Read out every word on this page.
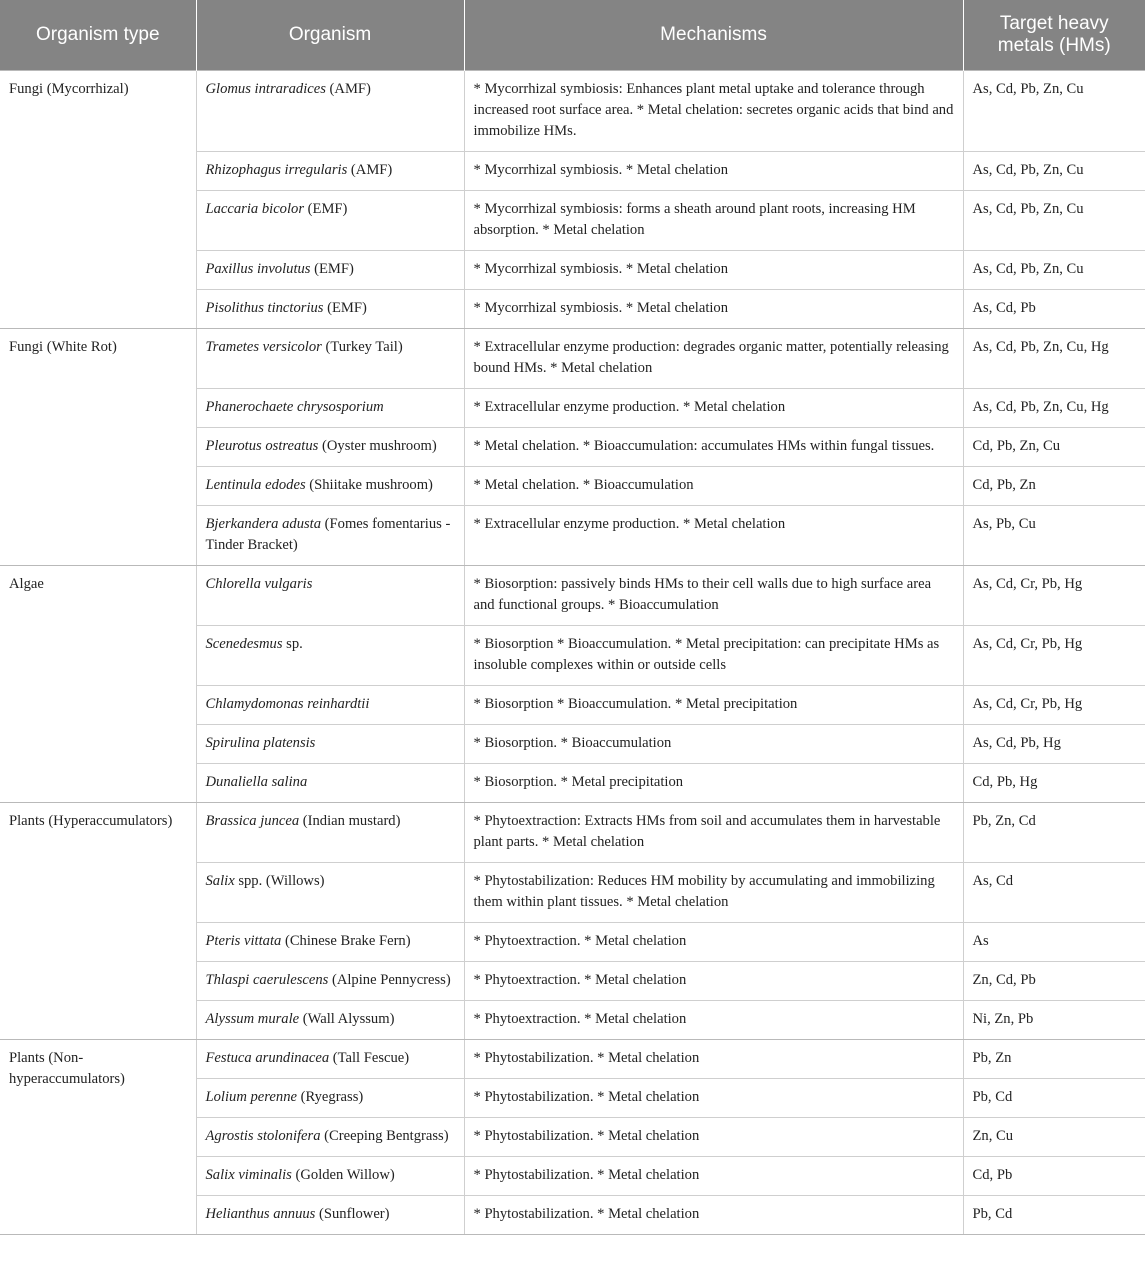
Organism type	Organism	Mechanisms	Target heavy metals (HMs)
Fungi (Mycorrhizal)	Glomus intraradices (AMF)	* Mycorrhizal symbiosis: Enhances plant metal uptake and tolerance through increased root surface area. * Metal chelation: secretes organic acids that bind and immobilize HMs.	As, Cd, Pb, Zn, Cu
	Rhizophagus irregularis (AMF)	* Mycorrhizal symbiosis. * Metal chelation	As, Cd, Pb, Zn, Cu
	Laccaria bicolor (EMF)	* Mycorrhizal symbiosis: forms a sheath around plant roots, increasing HM absorption. * Metal chelation	As, Cd, Pb, Zn, Cu
	Paxillus involutus (EMF)	* Mycorrhizal symbiosis. * Metal chelation	As, Cd, Pb, Zn, Cu
	Pisolithus tinctorius (EMF)	* Mycorrhizal symbiosis. * Metal chelation	As, Cd, Pb
Fungi (White Rot)	Trametes versicolor (Turkey Tail)	* Extracellular enzyme production: degrades organic matter, potentially releasing bound HMs. * Metal chelation	As, Cd, Pb, Zn, Cu, Hg
	Phanerochaete chrysosporium	* Extracellular enzyme production. * Metal chelation	As, Cd, Pb, Zn, Cu, Hg
	Pleurotus ostreatus (Oyster mushroom)	* Metal chelation. * Bioaccumulation: accumulates HMs within fungal tissues.	Cd, Pb, Zn, Cu
	Lentinula edodes (Shiitake mushroom)	* Metal chelation. * Bioaccumulation	Cd, Pb, Zn
	Bjerkandera adusta (Fomes fomentarius - Tinder Bracket)	* Extracellular enzyme production. * Metal chelation	As, Pb, Cu
Algae	Chlorella vulgaris	* Biosorption: passively binds HMs to their cell walls due to high surface area and functional groups. * Bioaccumulation	As, Cd, Cr, Pb, Hg
	Scenedesmus sp.	* Biosorption * Bioaccumulation. * Metal precipitation: can precipitate HMs as insoluble complexes within or outside cells	As, Cd, Cr, Pb, Hg
	Chlamydomonas reinhardtii	* Biosorption * Bioaccumulation. * Metal precipitation	As, Cd, Cr, Pb, Hg
	Spirulina platensis	* Biosorption. * Bioaccumulation	As, Cd, Pb, Hg
	Dunaliella salina	* Biosorption. * Metal precipitation	Cd, Pb, Hg
Plants (Hyperaccumulators)	Brassica juncea (Indian mustard)	* Phytoextraction: Extracts HMs from soil and accumulates them in harvestable plant parts. * Metal chelation	Pb, Zn, Cd
	Salix spp. (Willows)	* Phytostabilization: Reduces HM mobility by accumulating and immobilizing them within plant tissues. * Metal chelation	As, Cd
	Pteris vittata (Chinese Brake Fern)	* Phytoextraction. * Metal chelation	As
	Thlaspi caerulescens (Alpine Pennycress)	* Phytoextraction. * Metal chelation	Zn, Cd, Pb
	Alyssum murale (Wall Alyssum)	* Phytoextraction. * Metal chelation	Ni, Zn, Pb
Plants (Non-hyperaccumulators)	Festuca arundinacea (Tall Fescue)	* Phytostabilization. * Metal chelation	Pb, Zn
	Lolium perenne (Ryegrass)	* Phytostabilization. * Metal chelation	Pb, Cd
	Agrostis stolonifera (Creeping Bentgrass)	* Phytostabilization. * Metal chelation	Zn, Cu
	Salix viminalis (Golden Willow)	* Phytostabilization. * Metal chelation	Cd, Pb
	Helianthus annuus (Sunflower)	* Phytostabilization. * Metal chelation	Pb, Cd
